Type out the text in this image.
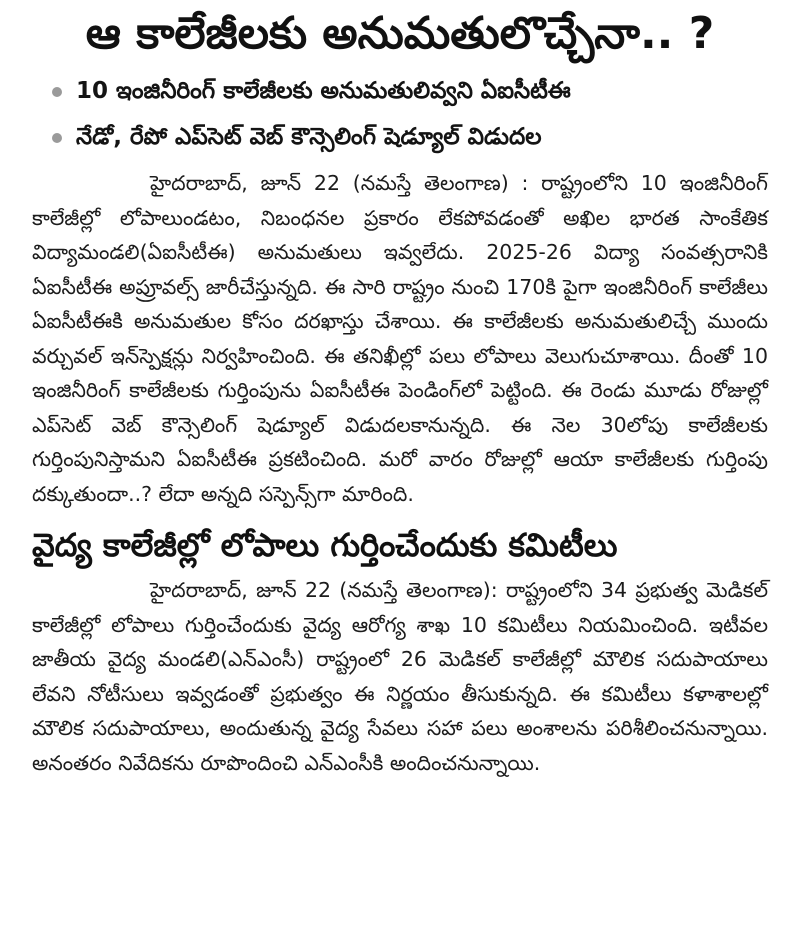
ఆ కాలేజీలకు అనుమతులొచ్చేనా.. ?
10 ఇంజినీరింగ్ కాలేజీలకు అనుమతులివ్వని ఏఐసీటీఈ
నేడో, రేపో ఎప్‌సెట్ వెబ్ కౌన్సెలింగ్ షెడ్యూల్ విడుదల

హైదరాబాద్, జూన్ 22 (నమస్తే తెలంగాణ) : రాష్ట్రంలోని 10 ఇంజినీరింగ్ కాలేజీల్లో లోపాలుండటం, నిబంధనల ప్రకారం లేకపోవడంతో అఖిల భారత సాంకేతిక విద్యామండలి(ఏఐసీటీఈ) అనుమతులు ఇవ్వలేదు. 2025-26 విద్యా సంవత్సరానికి ఏఐసీటీఈ అప్రూవల్స్ జారీచేస్తున్నది. ఈ సారి రాష్ట్రం నుంచి 170కి పైగా ఇంజినీరింగ్ కాలేజీలు ఏఐసీటీఈకి అనుమతుల కోసం దరఖాస్తు చేశాయి. ఈ కాలేజీలకు అనుమతులిచ్చే ముందు వర్చువల్ ఇన్‌స్పెక్షన్లు నిర్వహించింది. ఈ తనిఖీల్లో పలు లోపాలు వెలుగుచూశాయి. దీంతో 10 ఇంజినీరింగ్ కాలేజీలకు గుర్తింపును ఏఐసీటీఈ పెండింగ్‌లో పెట్టింది. ఈ రెండు మూడు రోజుల్లో ఎప్‌సెట్ వెబ్ కౌన్సెలింగ్ షెడ్యూల్ విడుదలకానున్నది. ఈ నెల 30లోపు కాలేజీలకు గుర్తింపునిస్తామని ఏఐసీటీఈ ప్రకటించింది. మరో వారం రోజుల్లో ఆయా కాలేజీలకు గుర్తింపు దక్కుతుందా..? లేదా అన్నది సస్పెన్స్‌గా మారింది.

వైద్య కాలేజీల్లో లోపాలు గుర్తించేందుకు కమిటీలు

హైదరాబాద్, జూన్ 22 (నమస్తే తెలంగాణ): రాష్ట్రంలోని 34 ప్రభుత్వ మెడికల్ కాలేజీల్లో లోపాలు గుర్తించేందుకు వైద్య ఆరోగ్య శాఖ 10 కమిటీలు నియమించింది. ఇటీవల జాతీయ వైద్య మండలి(ఎన్ఎంసీ) రాష్ట్రంలో 26 మెడికల్ కాలేజీల్లో మౌలిక సదుపాయాలు లేవని నోటీసులు ఇవ్వడంతో ప్రభుత్వం ఈ నిర్ణయం తీసుకున్నది. ఈ కమిటీలు కళాశాలల్లో మౌలిక సదుపాయాలు, అందుతున్న వైద్య సేవలు సహా పలు అంశాలను పరిశీలించనున్నాయి. అనంతరం నివేదికను రూపొందించి ఎన్ఎంసీకి అందించనున్నాయి.
